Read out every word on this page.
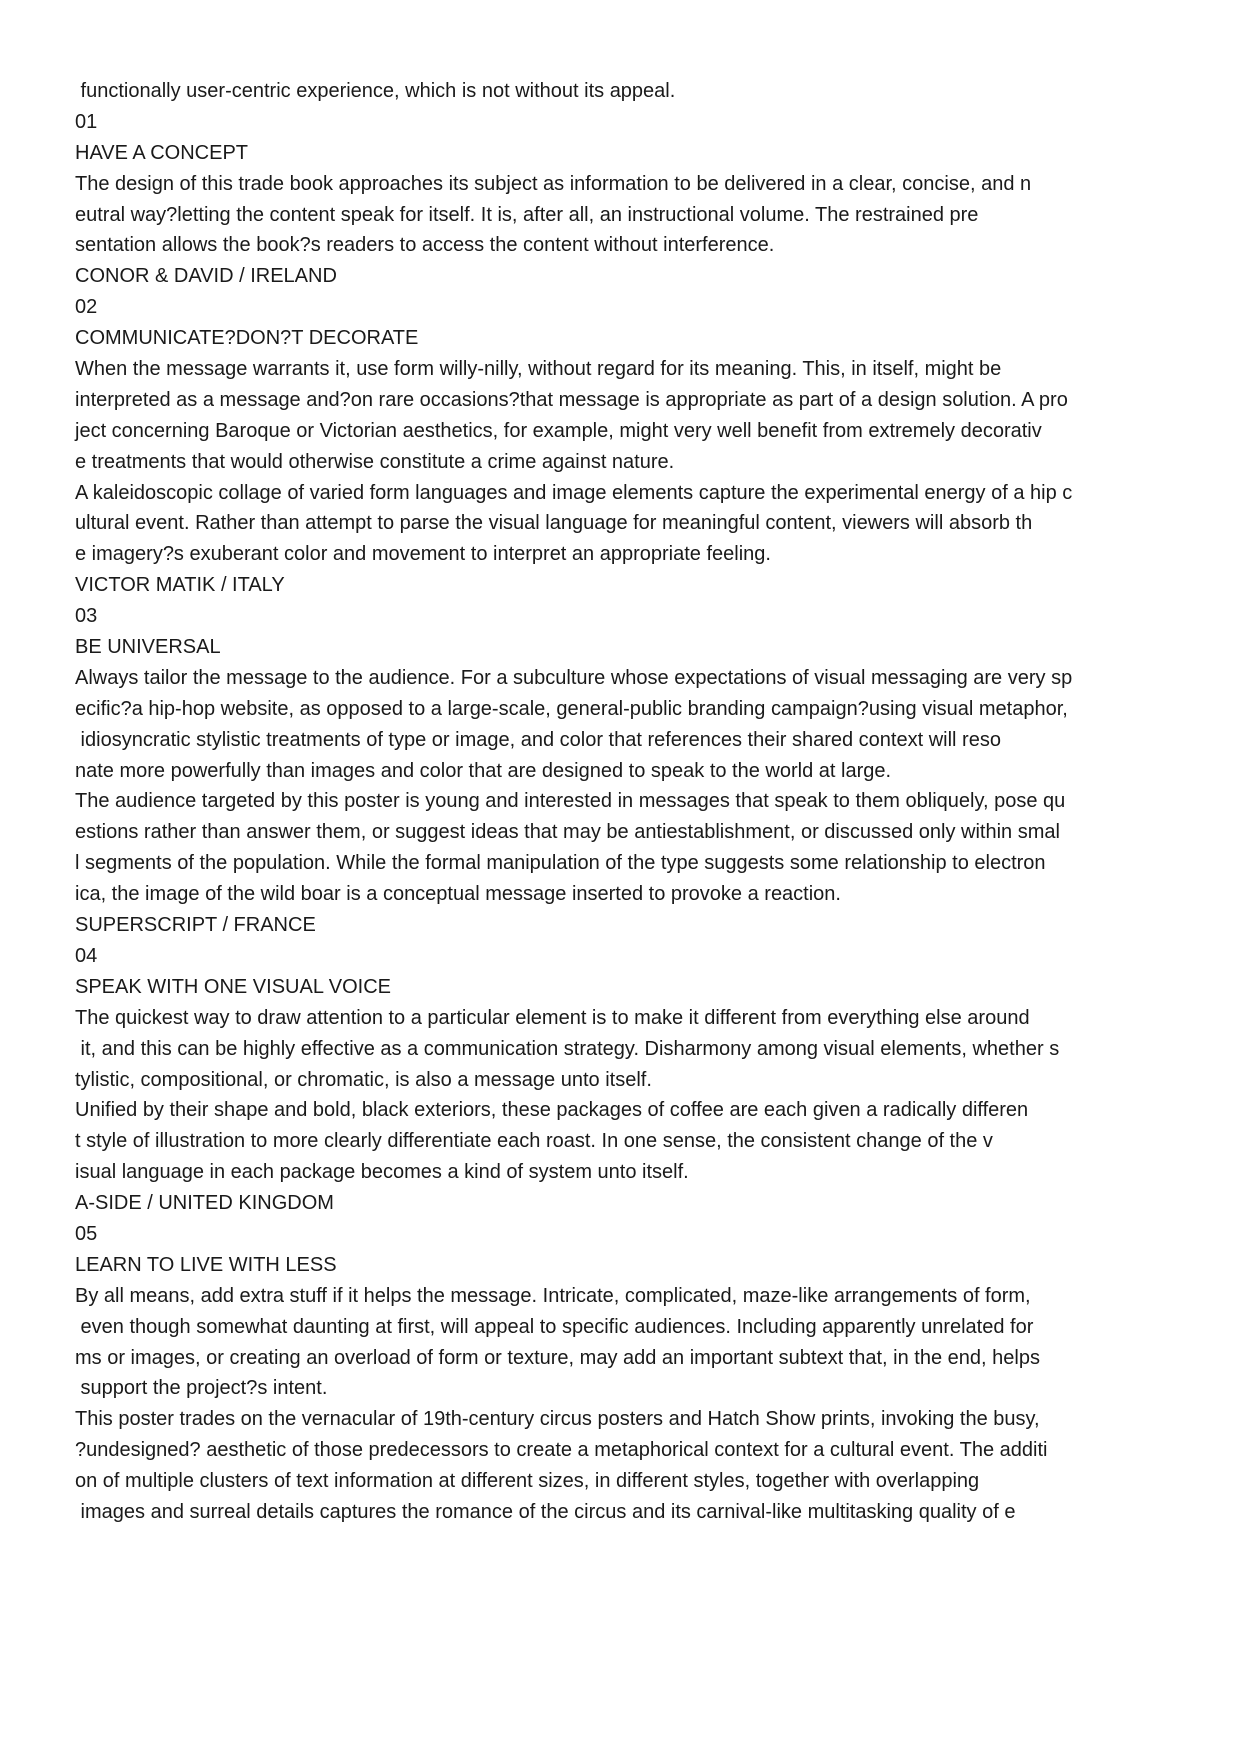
functionally user-centric experience, which is not without its appeal.
01
HAVE A CONCEPT
The design of this trade book approaches its subject as information to be delivered in a clear, concise, and n
eutral way?letting the content speak for itself. It is, after all, an instructional volume. The restrained pre
sentation allows the book?s readers to access the content without interference.
CONOR & DAVID / IRELAND
02
COMMUNICATE?DON?T DECORATE
When the message warrants it, use form willy-nilly, without regard for its meaning. This, in itself, might be
interpreted as a message and?on rare occasions?that message is appropriate as part of a design solution. A pro
ject concerning Baroque or Victorian aesthetics, for example, might very well benefit from extremely decorativ
e treatments that would otherwise constitute a crime against nature.
A kaleidoscopic collage of varied form languages and image elements capture the experimental energy of a hip c
ultural event. Rather than attempt to parse the visual language for meaningful content, viewers will absorb th
e imagery?s exuberant color and movement to interpret an appropriate feeling.
VICTOR MATIK / ITALY
03
BE UNIVERSAL
Always tailor the message to the audience. For a subculture whose expectations of visual messaging are very sp
ecific?a hip-hop website, as opposed to a large-scale, general-public branding campaign?using visual metaphor,
idiosyncratic stylistic treatments of type or image, and color that references their shared context will reso
nate more powerfully than images and color that are designed to speak to the world at large.
The audience targeted by this poster is young and interested in messages that speak to them obliquely, pose qu
estions rather than answer them, or suggest ideas that may be antiestablishment, or discussed only within smal
l segments of the population. While the formal manipulation of the type suggests some relationship to electron
ica, the image of the wild boar is a conceptual message inserted to provoke a reaction.
SUPERSCRIPT / FRANCE
04
SPEAK WITH ONE VISUAL VOICE
The quickest way to draw attention to a particular element is to make it different from everything else around
it, and this can be highly effective as a communication strategy. Disharmony among visual elements, whether s
tylistic, compositional, or chromatic, is also a message unto itself.
Unified by their shape and bold, black exteriors, these packages of coffee are each given a radically differen
t style of illustration to more clearly differentiate each roast. In one sense, the consistent change of the v
isual language in each package becomes a kind of system unto itself.
A-SIDE / UNITED KINGDOM
05
LEARN TO LIVE WITH LESS
By all means, add extra stuff if it helps the message. Intricate, complicated, maze-like arrangements of form,
even though somewhat daunting at first, will appeal to specific audiences. Including apparently unrelated for
ms or images, or creating an overload of form or texture, may add an important subtext that, in the end, helps
support the project?s intent.
This poster trades on the vernacular of 19th-century circus posters and Hatch Show prints, invoking the busy,
?undesigned? aesthetic of those predecessors to create a metaphorical context for a cultural event. The additi
on of multiple clusters of text information at different sizes, in different styles, together with overlapping
images and surreal details captures the romance of the circus and its carnival-like multitasking quality of e
